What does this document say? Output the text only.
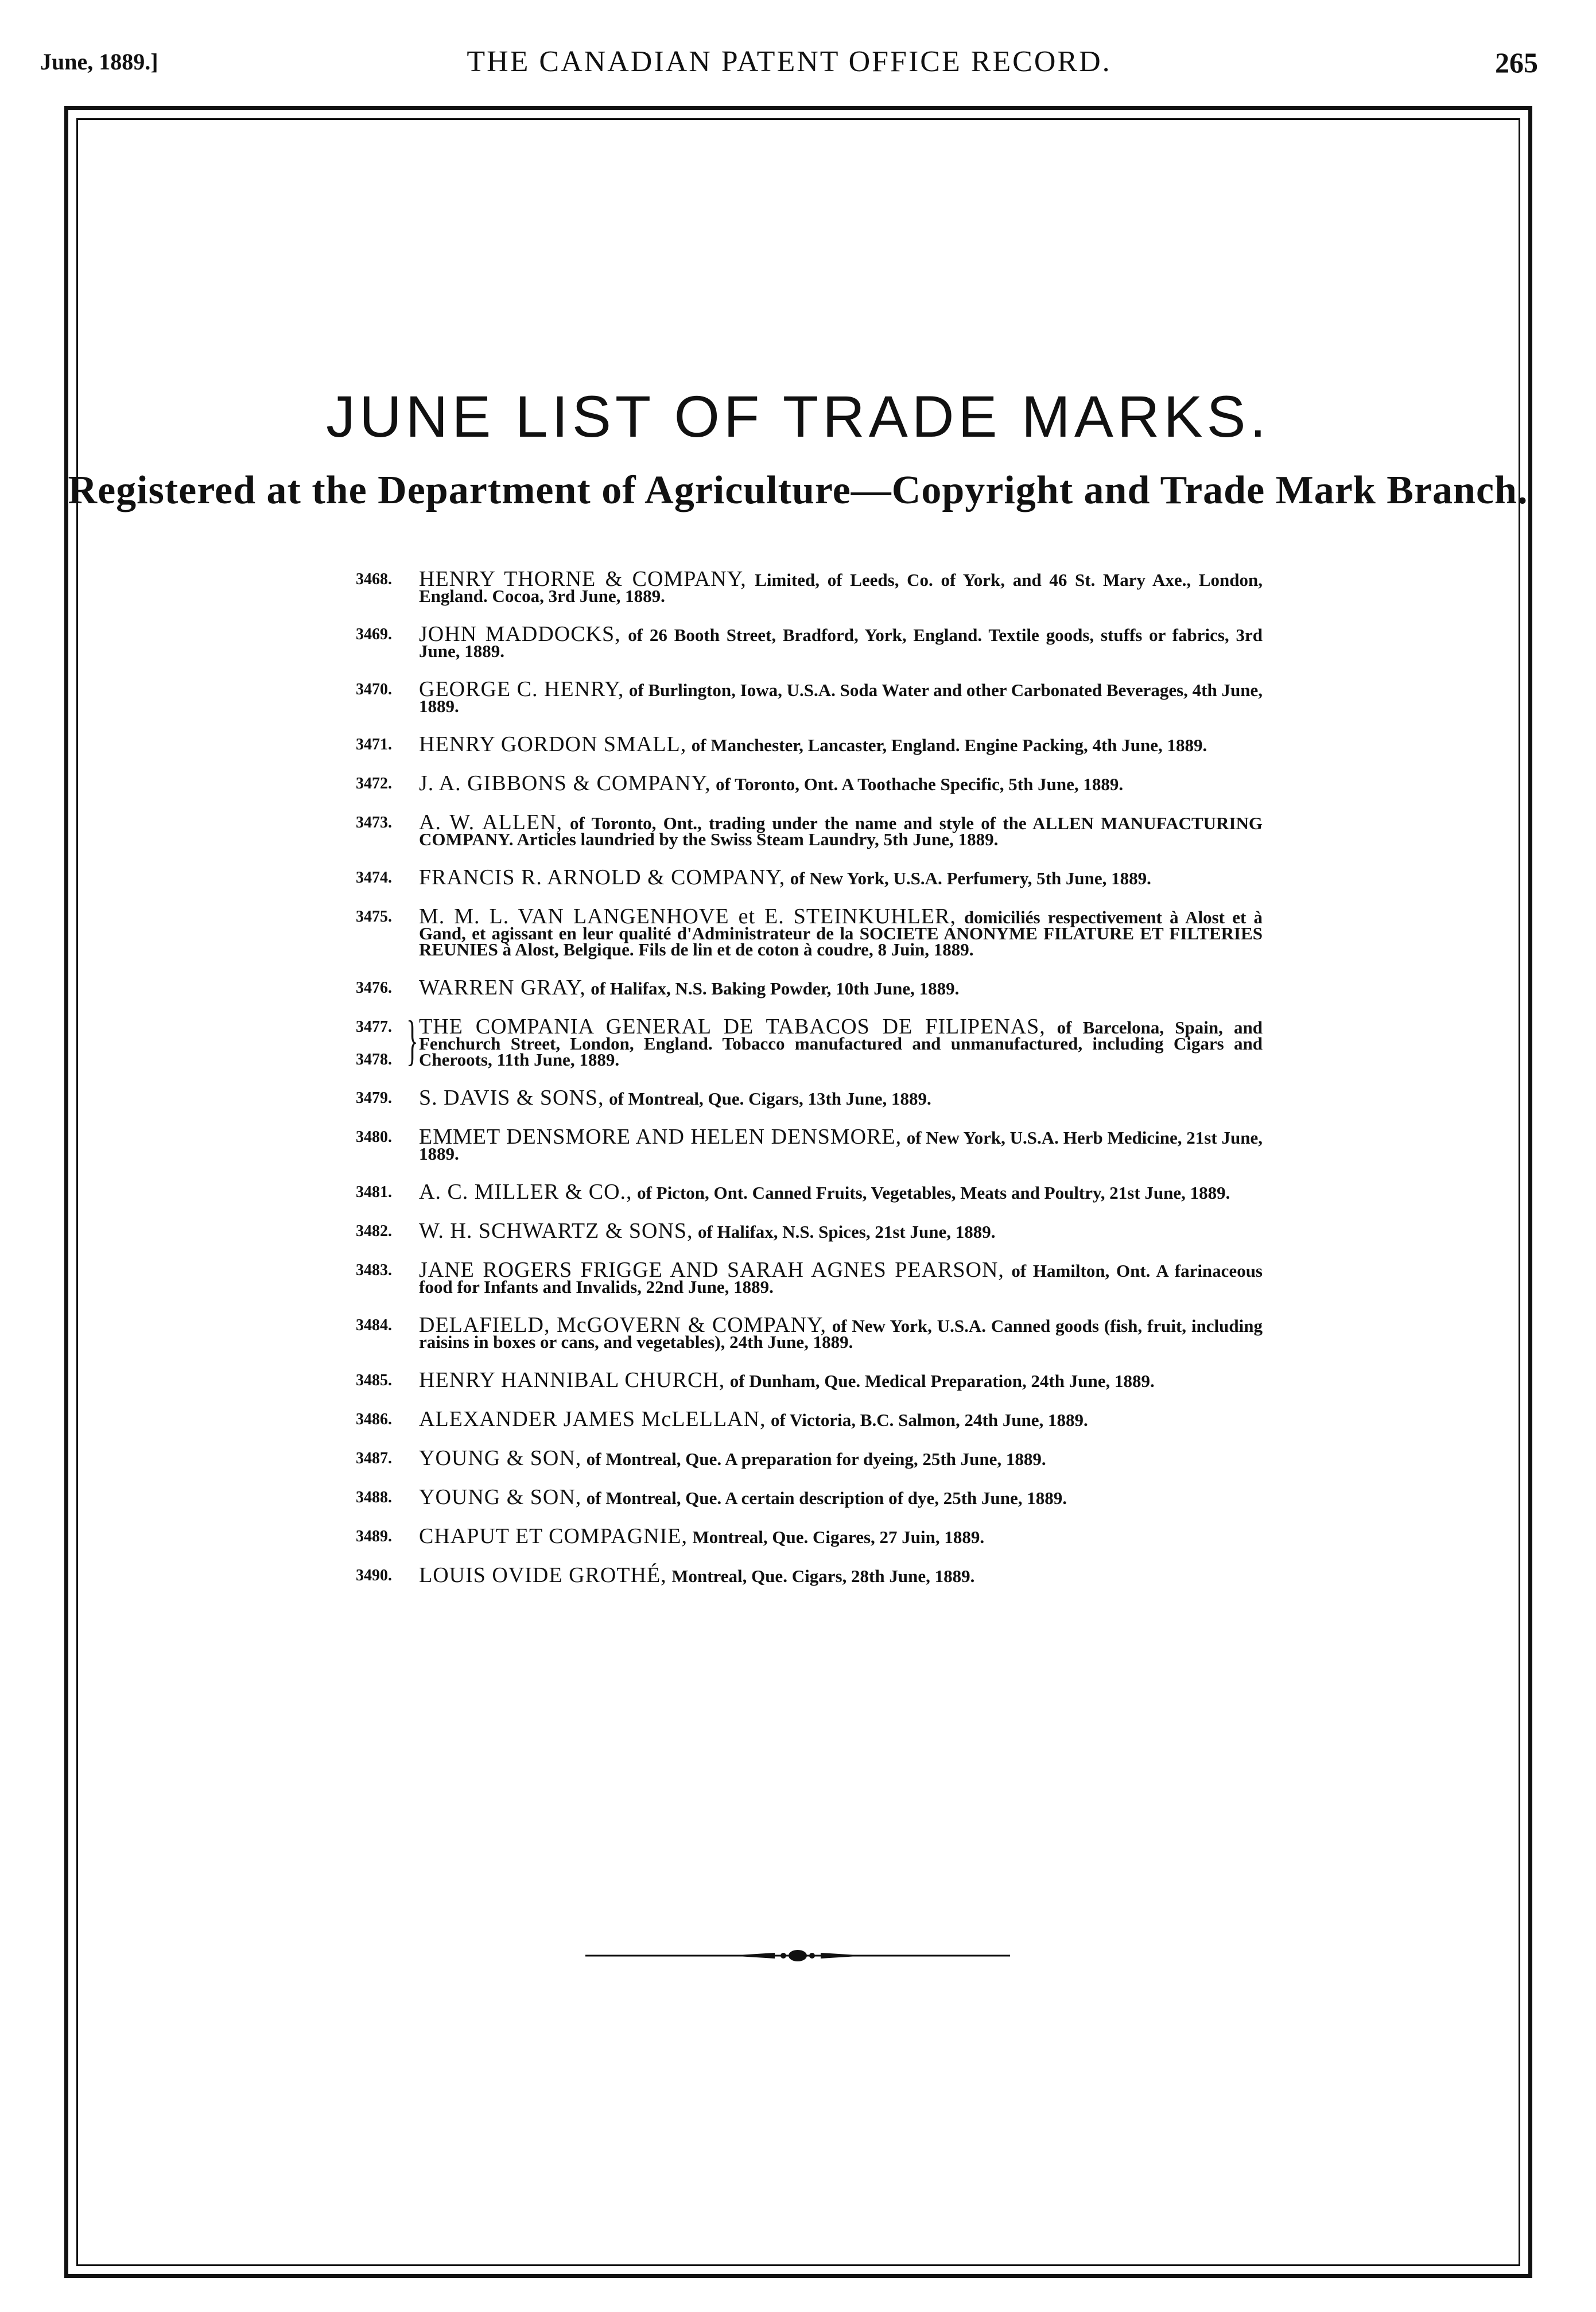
June, 1889.]	THE CANADIAN PATENT OFFICE RECORD.	265
JUNE LIST OF TRADE MARKS.
Registered at the Department of Agriculture—Copyright and Trade Mark Branch.
3468.	HENRY THORNE & COMPANY, Limited, of Leeds, Co. of York, and 46 St. Mary Axe., London, England. Cocoa, 3rd June, 1889.
3469.	JOHN MADDOCKS, of 26 Booth Street, Bradford, York, England. Textile goods, stuffs or fabrics, 3rd June, 1889.
3470.	GEORGE C. HENRY, of Burlington, Iowa, U.S.A. Soda Water and other Carbonated Beverages, 4th June, 1889.
3471.	HENRY GORDON SMALL, of Manchester, Lancaster, England. Engine Packing, 4th June, 1889.
3472.	J. A. GIBBONS & COMPANY, of Toronto, Ont. A Toothache Specific, 5th June, 1889.
3473.	A. W. ALLEN, of Toronto, Ont., trading under the name and style of the ALLEN MANUFACTURING COMPANY. Articles laundried by the Swiss Steam Laundry, 5th June, 1889.
3474.	FRANCIS R. ARNOLD & COMPANY, of New York, U.S.A. Perfumery, 5th June, 1889.
3475.	M. M. L. VAN LANGENHOVE et E. STEINKUHLER, domiciliés respectivement à Alost et à Gand, et agissant en leur qualité d'Administrateur de la SOCIETE ANONYME FILATURE ET FILTERIES REUNIES à Alost, Belgique. Fils de lin et de coton à coudre, 8 Juin, 1889.
3476.	WARREN GRAY, of Halifax, N.S. Baking Powder, 10th June, 1889.
3477.
3478. } THE COMPANIA GENERAL DE TABACOS DE FILIPENAS, of Barcelona, Spain, and Fenchurch Street, London, England. Tobacco manufactured and unmanufactured, including Cigars and Cheroots, 11th June, 1889.
3479.	S. DAVIS & SONS, of Montreal, Que. Cigars, 13th June, 1889.
3480.	EMMET DENSMORE AND HELEN DENSMORE, of New York, U.S.A. Herb Medicine, 21st June, 1889.
3481.	A. C. MILLER & CO., of Picton, Ont. Canned Fruits, Vegetables, Meats and Poultry, 21st June, 1889.
3482.	W. H. SCHWARTZ & SONS, of Halifax, N.S. Spices, 21st June, 1889.
3483.	JANE ROGERS FRIGGE AND SARAH AGNES PEARSON, of Hamilton, Ont. A farinaceous food for Infants and Invalids, 22nd June, 1889.
3484.	DELAFIELD, McGOVERN & COMPANY, of New York, U.S.A. Canned goods (fish, fruit, including raisins in boxes or cans, and vegetables), 24th June, 1889.
3485.	HENRY HANNIBAL CHURCH, of Dunham, Que. Medical Preparation, 24th June, 1889.
3486.	ALEXANDER JAMES McLELLAN, of Victoria, B.C. Salmon, 24th June, 1889.
3487.	YOUNG & SON, of Montreal, Que. A preparation for dyeing, 25th June, 1889.
3488.	YOUNG & SON, of Montreal, Que. A certain description of dye, 25th June, 1889.
3489.	CHAPUT ET COMPAGNIE, Montreal, Que. Cigares, 27 Juin, 1889.
3490.	LOUIS OVIDE GROTHÉ, Montreal, Que. Cigars, 28th June, 1889.
